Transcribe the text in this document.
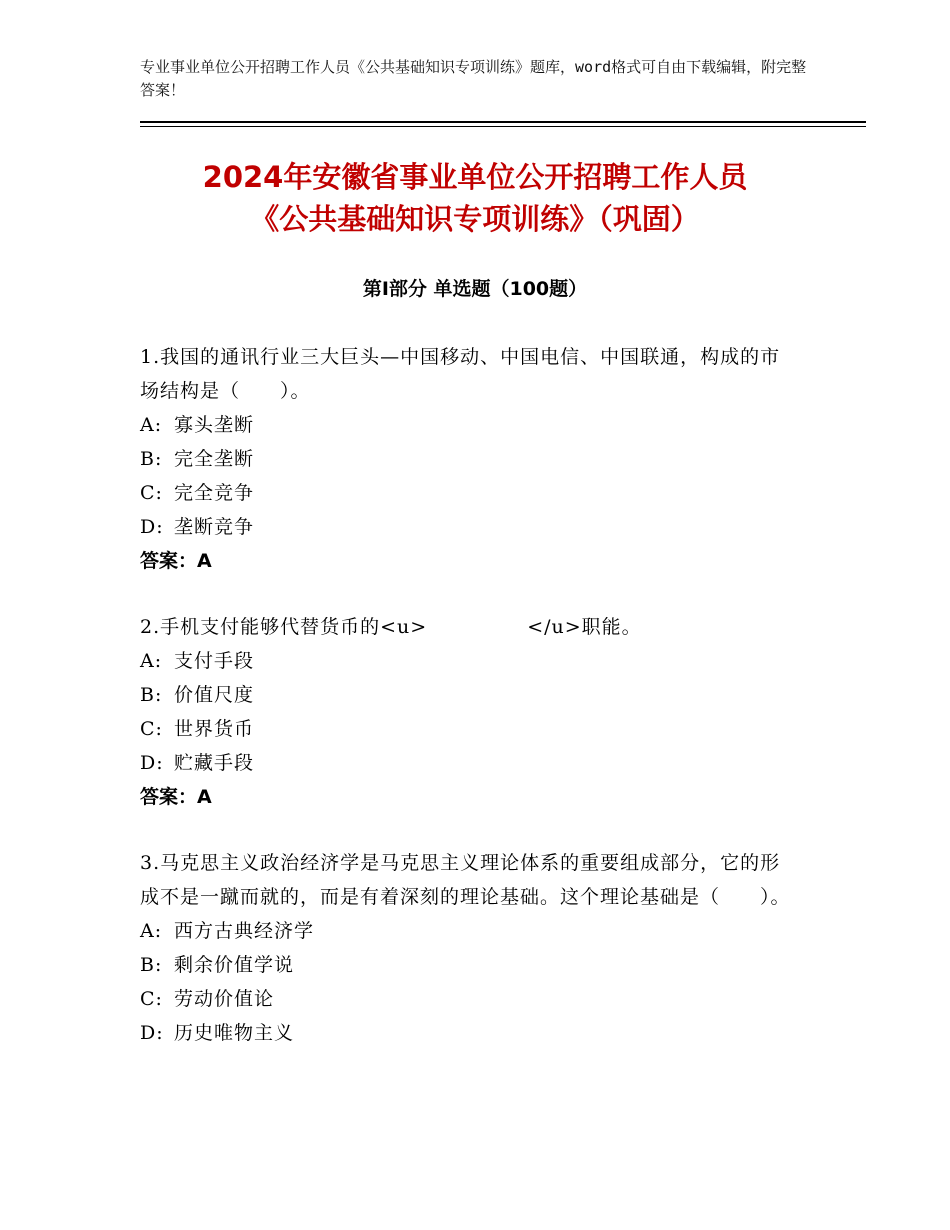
专业事业单位公开招聘工作人员《公共基础知识专项训练》题库，word格式可自由下载编辑，附完整答案！
2024年安徽省事业单位公开招聘工作人员
《公共基础知识专项训练》（巩固）
第Ⅰ部分 单选题（100题）
1.我国的通讯行业三大巨头—中国移动、中国电信、中国联通，构成的市场结构是（　　）。
A: 寡头垄断
B: 完全垄断
C: 完全竞争
D: 垄断竞争
答案：A
2.手机支付能够代替货币的<u>　　　　　</u>职能。
A: 支付手段
B: 价值尺度
C: 世界货币
D: 贮藏手段
答案：A
3.马克思主义政治经济学是马克思主义理论体系的重要组成部分，它的形成不是一蹴而就的，而是有着深刻的理论基础。这个理论基础是（　　）。
A: 西方古典经济学
B: 剩余价值学说
C: 劳动价值论
D: 历史唯物主义
